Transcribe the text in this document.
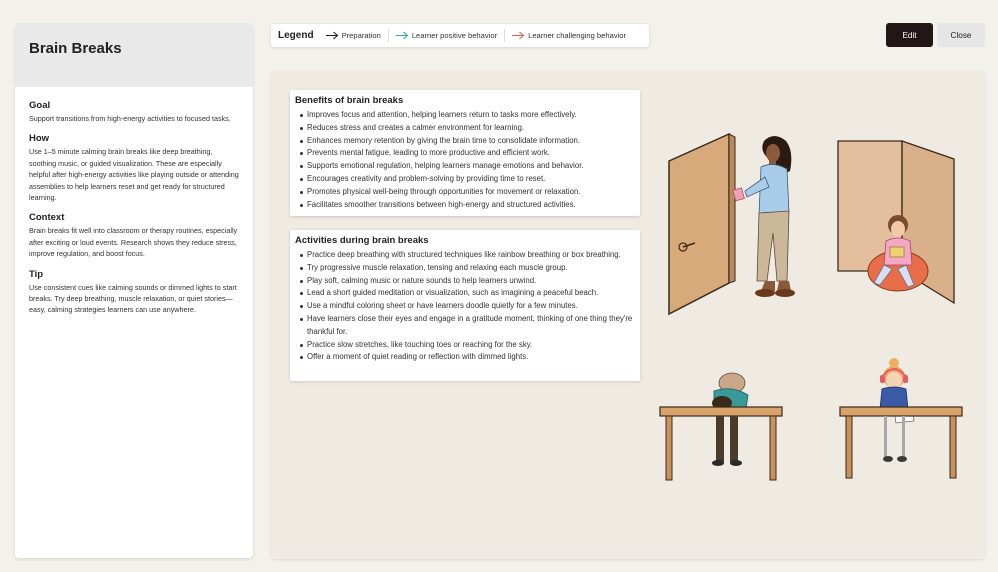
Brain Breaks
Goal

Support transitions from high-energy activities to focused tasks.

How

Use 1–5 minute calming brain breaks like deep breathing, soothing music, or guided visualization. These are especially helpful after high-energy activities like playing outside or attending assemblies to help learners reset and get ready for structured learning.

Context

Brain breaks fit well into classroom or therapy routines, especially after exciting or loud events. Research shows they reduce stress, improve regulation, and boost focus.

Tip

Use consistent cues like calming sounds or dimmed lights to start breaks. Try deep breathing, muscle relaxation, or quiet stories—easy, calming strategies learners can use anywhere.

Legend	Preparation	Learner positive behavior	Learner challenging behavior	Edit	Close
Benefits of brain breaks
Improves focus and attention, helping learners return to tasks more effectively.
Reduces stress and creates a calmer environment for learning.
Enhances memory retention by giving the brain time to consolidate information.
Prevents mental fatigue, leading to more productive and efficient work.
Supports emotional regulation, helping learners manage emotions and behavior.
Encourages creativity and problem-solving by providing time to reset.
Promotes physical well-being through opportunities for movement or relaxation.
Facilitates smoother transitions between high-energy and structured activities.
Activities during brain breaks
Practice deep breathing with structured techniques like rainbow breathing or box breathing.
Try progressive muscle relaxation, tensing and relaxing each muscle group.
Play soft, calming music or nature sounds to help learners unwind.
Lead a short guided meditation or visualization, such as imagining a peaceful beach.
Use a mindful coloring sheet or have learners doodle quietly for a few minutes.
Have learners close their eyes and engage in a gratitude moment, thinking of one thing they're thankful for.
Practice slow stretches, like touching toes or reaching for the sky.
Offer a moment of quiet reading or reflection with dimmed lights.
